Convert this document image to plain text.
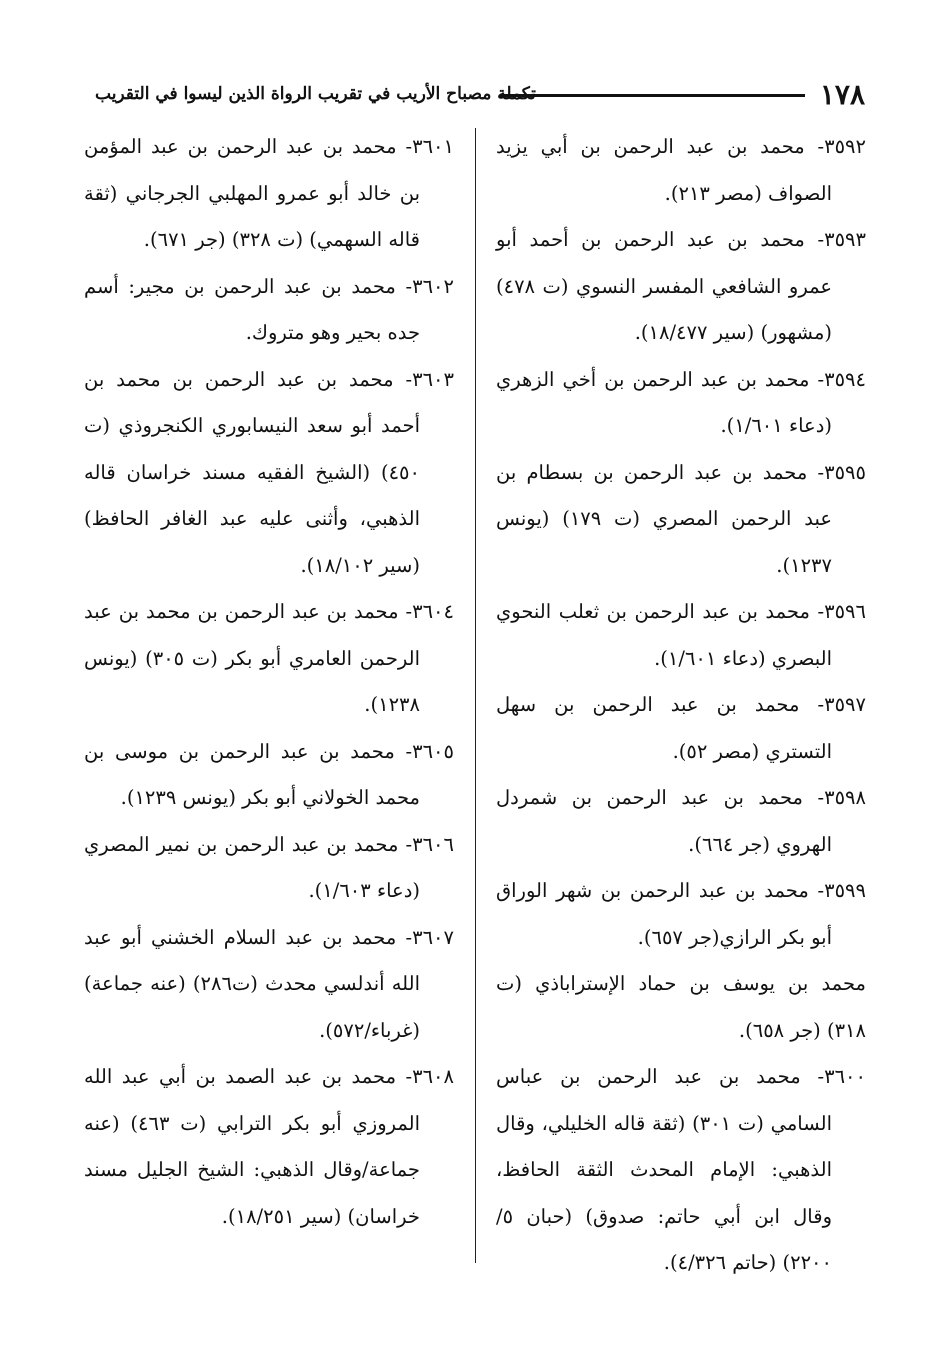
١٧٨
تكملة مصباح الأريب في تقريب الرواة الذين ليسوا في التقريب

٣٥٩٢- محمد بن عبد الرحمن بن أبي يزيد الصواف (مصر ٢١٣).

٣٥٩٣- محمد بن عبد الرحمن بن أحمد أبو عمرو الشافعي المفسر النسوي (ت ٤٧٨) (مشهور) (سير ١٨/٤٧٧).

٣٥٩٤- محمد بن عبد الرحمن بن أخي الزهري (دعاء ١/٦٠١).

٣٥٩٥- محمد بن عبد الرحمن بن بسطام بن عبد الرحمن المصري (ت ١٧٩) (يونس ١٢٣٧).

٣٥٩٦- محمد بن عبد الرحمن بن ثعلب النحوي البصري (دعاء ١/٦٠١).

٣٥٩٧- محمد بن عبد الرحمن بن سهل التستري (مصر ٥٢).

٣٥٩٨- محمد بن عبد الرحمن بن شمردل الهروي (جر ٦٦٤).

٣٥٩٩- محمد بن عبد الرحمن بن شهر الوراق أبو بكر الرازي(جر ٦٥٧).

محمد بن يوسف بن حماد الإستراباذي (ت ٣١٨) (جر ٦٥٨).

٣٦٠٠- محمد بن عبد الرحمن بن عباس السامي (ت ٣٠١) (ثقة قاله الخليلي، وقال الذهبي: الإمام المحدث الثقة الحافظ، وقال ابن أبي حاتم: صدوق) (حبان ٥/ ٢٢٠٠) (حاتم ٤/٣٢٦).

٣٦٠١- محمد بن عبد الرحمن بن عبد المؤمن بن خالد أبو عمرو المهلبي الجرجاني (ثقة قاله السهمي) (ت ٣٢٨) (جر ٦٧١).

٣٦٠٢- محمد بن عبد الرحمن بن مجير: أسم جده بحير وهو متروك.

٣٦٠٣- محمد بن عبد الرحمن بن محمد بن أحمد أبو سعد النيسابوري الكنجروذي (ت ٤٥٠) (الشيخ الفقيه مسند خراسان قاله الذهبي، وأثنى عليه عبد الغافر الحافظ) (سير ١٨/١٠٢).

٣٦٠٤- محمد بن عبد الرحمن بن محمد بن عبد الرحمن العامري أبو بكر (ت ٣٠٥) (يونس ١٢٣٨).

٣٦٠٥- محمد بن عبد الرحمن بن موسى بن محمد الخولاني أبو بكر (يونس ١٢٣٩).

٣٦٠٦- محمد بن عبد الرحمن بن نمير المصري (دعاء ١/٦٠٣).

٣٦٠٧- محمد بن عبد السلام الخشني أبو عبد الله أندلسي محدث (ت٢٨٦) (عنه جماعة) (غرباء/٥٧٢).

٣٦٠٨- محمد بن عبد الصمد بن أبي عبد الله المروزي أبو بكر الترابي (ت ٤٦٣) (عنه جماعة/وقال الذهبي: الشيخ الجليل مسند خراسان) (سير ١٨/٢٥١).
